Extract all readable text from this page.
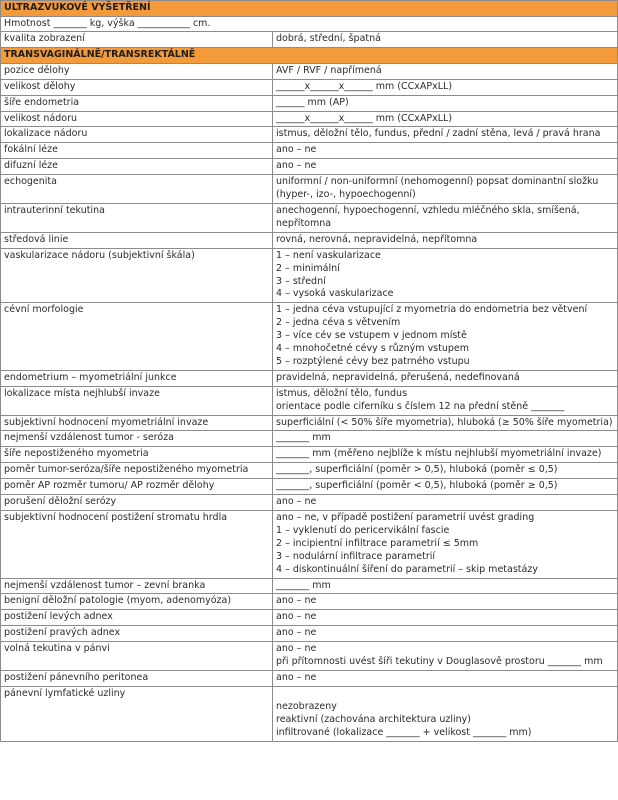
ULTRAZVUKOVÉ VYŠETŘENÍ	
Hmotnost _______ kg, výška ___________ cm.	
kvalita zobrazení	dobrá, střední, špatná
TRANSVAGINÁLNĚ/TRANSREKTÁLNĚ	
pozice dělohy	AVF / RVF / napřímená

velikost dělohy	______x______x______ mm (CCxAPxLL)

šíře endometria	______ mm (AP)

velikost nádoru	______x______x______ mm (CCxAPxLL)

lokalizace nádoru	istmus, děložní tělo, fundus, přední / zadní stěna, levá / pravá hrana

fokální léze	ano – ne

difuzní léze	ano – ne

echogenita	uniformní / non-uniformní (nehomogenní) popsat dominantní složku
(hyper-, izo-, hypoechogenní)

intrauterinní tekutina	anechogenní, hypoechogenní, vzhledu mléčného skla, smíšená,
nepřítomna

středová linie	rovná, nerovná, nepravidelná, nepřítomna

vaskularizace nádoru (subjektivní škála)	1 – není vaskularizace
2 – minimální
3 – střední
4 – vysoká vaskularizace

cévní morfologie	1 – jedna céva vstupující z myometria do endometria bez větvení
2 – jedna céva s větvením
3 – více cév se vstupem v jednom místě
4 – mnohočetné cévy s různým vstupem
5 – rozptýlené cévy bez patrného vstupu

endometrium – myometriální junkce	pravidelná, nepravidelná, přerušená, nedefinovaná

lokalizace místa nejhlubší invaze	istmus, děložní tělo, fundus
orientace podle ciferníku s číslem 12 na přední stěně _______

subjektivní hodnocení myometriální invaze	superficiální (< 50% šíře myometria), hluboká (≥ 50% šíře myometria)

nejmenší vzdálenost tumor - seróza	_______ mm

šíře nepostiženého myometria	_______ mm (měřeno nejblíže k místu nejhlubší myometriální invaze)

poměr tumor-seróza/šíře nepostiženého myometria	_______, superficiální (poměr > 0,5), hluboká (poměr ≤ 0,5)

poměr AP rozměr tumoru/ AP rozměr dělohy	_______, superficiální (poměr < 0,5), hluboká (poměr ≥ 0,5)

porušení děložní serózy	ano – ne

subjektivní hodnocení postižení stromatu hrdla	ano – ne, v případě postižení parametrií uvést grading
1 – vyklenutí do pericervikální fascie
2 – incipientní infiltrace parametrií ≤ 5mm
3 – nodulární infiltrace parametrií
4 – diskontinuální šíření do parametrií – skip metastázy

nejmenší vzdálenost tumor – zevní branka	_______ mm

benigní děložní patologie (myom, adenomyóza)	ano – ne

postižení levých adnex	ano – ne

postižení pravých adnex	ano – ne

volná tekutina v pánvi	ano – ne
při přítomnosti uvést šíři tekutiny v Douglasově prostoru _______ mm

postižení pánevního peritonea	ano – ne

pánevní lymfatické uzliny	nezobrazeny
reaktivní (zachována architektura uzliny)
infiltrované (lokalizace _______ + velikost _______ mm)
